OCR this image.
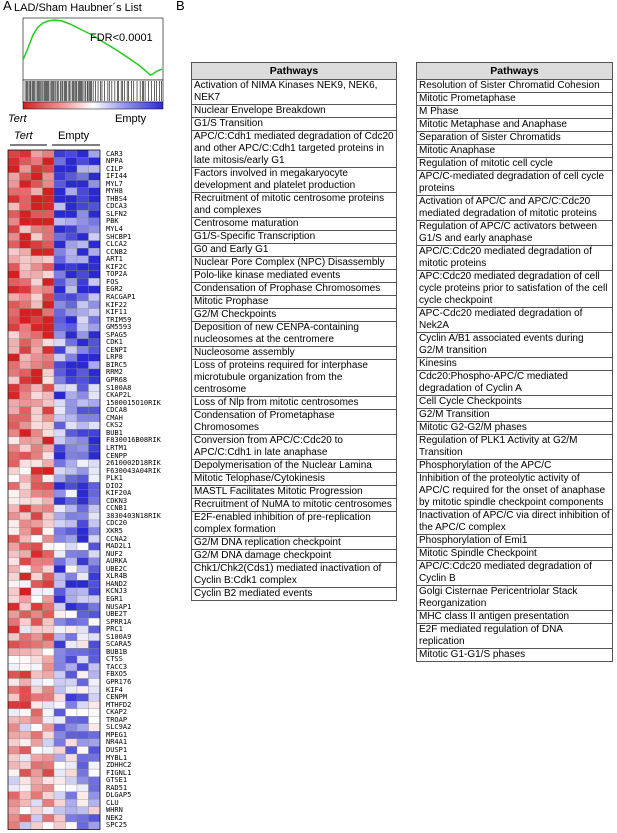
A	B
LAD/Sham Haubner´s List
FDR<0.0001
Tert	Empty
Tert Empty
CAR3
NPPA
CILP
IFI44
MYL7
MYH8
THBS4
CDCA3
SLFN2
PBK
MYL4
SHCBP1
CLCA2
CCNB2
ART1
KIF2C
TOP2A
FOS
EGR2
RACGAP1
KIF22
KIF11
TRIM59
GM5593
SPAG5
CDK1
CENPI
LRP8
BIRC5
RRM2
GPR68
S100A8
CKAP2L
1500015O10RIK
CDCA8
CMAH
CKS2
BUB1
F830016B08RIK
LRTM1
CENPP
2610002D18RIK
F630043A04RIK
PLK1
DIO2
KIF20A
CDKN3
CCNB1
3830403N18RIK
CDC20
XKR5
CCNA2
MAD2L1
NUF2
AURKA
UBE2C
XLR4B
HAND2
KCNJ3
EGR1
NUSAP1
UBE2T
SPRR1A
PRC1
S100A9
SCARA5
BUB1B
CTSS
TACC3
FBXO5
GPR176
KIF4
CENPM
MTHFD2
CKAP2
TROAP
SLC9A2
MPEG1
NR4A1
DUSP1
MYBL1
ZDHHC2
FIGNL1
GTSE1
RAD51
DLGAP5
CLU
WHRN
NEK2
SPC25
Pathways
Activation of NIMA Kinases NEK9, NEK6, NEK7
Nuclear Envelope Breakdown
G1/S Transition
APC/C:Cdh1 mediated degradation of Cdc20 and other APC/C:Cdh1 targeted proteins in late mitosis/early G1
Factors involved in megakaryocyte development and platelet production
Recruitment of mitotic centrosome proteins and complexes
Centrosome maturation
G1/S-Specific Transcription
G0 and Early G1
Nuclear Pore Complex (NPC) Disassembly
Polo-like kinase mediated events
Condensation of Prophase Chromosomes
Mitotic Prophase
G2/M Checkpoints
Deposition of new CENPA-containing nucleosomes at the centromere
Nucleosome assembly
Loss of proteins required for interphase microtubule organization from the centrosome
Loss of Nlp from mitotic centrosomes
Condensation of Prometaphase Chromosomes
Conversion from APC/C:Cdc20 to APC/C:Cdh1 in late anaphase
Depolymerisation of the Nuclear Lamina
Mitotic Telophase/Cytokinesis
MASTL Facilitates Mitotic Progression
Recruitment of NuMA to mitotic centrosomes
E2F-enabled inhibition of pre-replication complex formation
G2/M DNA replication checkpoint
G2/M DNA damage checkpoint
Chk1/Chk2(Cds1) mediated inactivation of Cyclin B:Cdk1 complex
Cyclin B2 mediated events
Pathways
Resolution of Sister Chromatid Cohesion
Mitotic Prometaphase
M Phase
Mitotic Metaphase and Anaphase
Separation of Sister Chromatids
Mitotic Anaphase
Regulation of mitotic cell cycle
APC/C-mediated degradation of cell cycle proteins
Activation of APC/C and APC/C:Cdc20 mediated degradation of mitotic proteins
Regulation of APC/C activators between G1/S and early anaphase
APC/C:Cdc20 mediated degradation of mitotic proteins
APC:Cdc20 mediated degradation of cell cycle proteins prior to satisfation of the cell cycle checkpoint
APC-Cdc20 mediated degradation of Nek2A
Cyclin A/B1 associated events during G2/M transition
Kinesins
Cdc20:Phospho-APC/C mediated degradation of Cyclin A
Cell Cycle Checkpoints
G2/M Transition
Mitotic G2-G2/M phases
Regulation of PLK1 Activity at G2/M Transition
Phosphorylation of the APC/C
Inhibition of the proteolytic activity of APC/C required for the onset of anaphase by mitotic spindle checkpoint components
Inactivation of APC/C via direct inhibition of the APC/C complex
Phosphorylation of Emi1
Mitotic Spindle Checkpoint
APC/C:Cdc20 mediated degradation of Cyclin B
Golgi Cisternae Pericentriolar Stack Reorganization
MHC class II antigen presentation
E2F mediated regulation of DNA replication
Mitotic G1-G1/S phases
